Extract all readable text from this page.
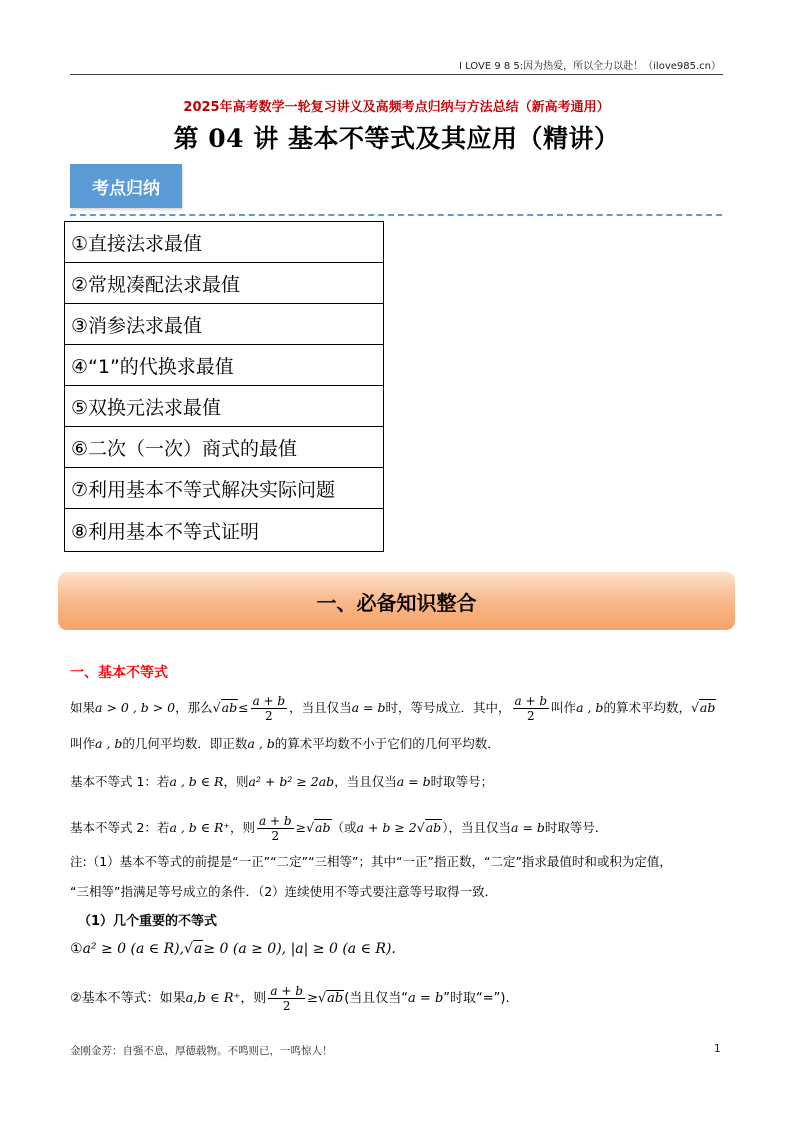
I LOVE 9 8 5:因为热爱，所以全力以赴！（ilove985.cn）
2025年高考数学一轮复习讲义及高频考点归纳与方法总结（新高考通用）
第 04 讲 基本不等式及其应用（精讲）
考点归纳
①直接法求最值
②常规凑配法求最值
③消参法求最值
④“1”的代换求最值
⑤双换元法求最值
⑥二次（一次）商式的最值
⑦利用基本不等式解决实际问题
⑧利用基本不等式证明
一、必备知识整合
一、基本不等式
如果a > 0 , b > 0，那么$√ab\le \frac{a + b}{2}$ ，当且仅当a = b时，等号成立．其中， $\frac{a + b}{2}$ 叫作a , b的算术平均数，√ab
叫作a , b的几何平均数．即正数a , b的算术平均数不小于它们的几何平均数．
基本不等式 1：若a , b ∈ R，则a² + b² ≥ 2ab，当且仅当a = b时取等号；
基本不等式 2：若a , b ∈ R⁺，则 $\frac{a + b}{2} \ge√ab$（或a + b ≥ 2√ab），当且仅当a = b时取等号．
注:（1）基本不等式的前提是“一正”“二定”“三相等”；其中“一正”指正数，“二定”指求最值时和或积为定值，
“三相等”指满足等号成立的条件．（2）连续使用不等式要注意等号取得一致．
（1）几个重要的不等式
①a² ≥ 0 (a ∈ R),√a≥ 0 (a ≥ 0), |a| ≥ 0 (a ∈ R).
②基本不等式：如果a,b ∈ R⁺，则 $\frac{a + b}{2} \ge√ab$(当且仅当“a = b”时取“=”).
金刚金芳：自强不息，厚德载物。不鸣则已，一鸣惊人！	1
